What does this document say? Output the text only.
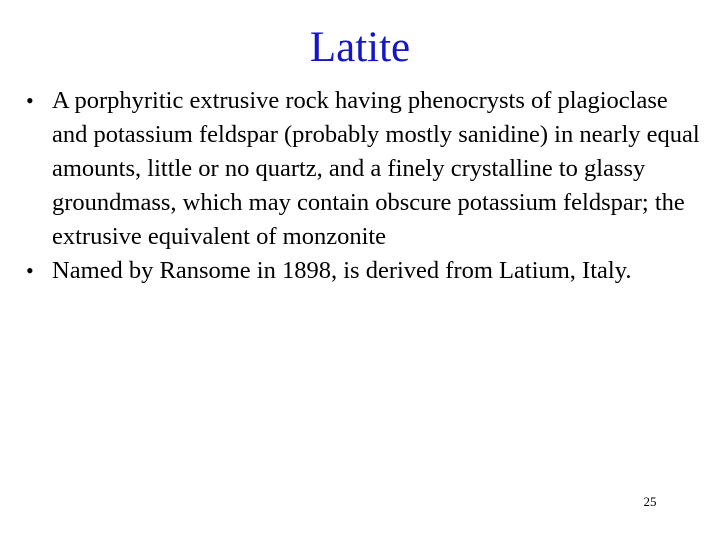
Latite
• A porphyritic extrusive rock having phenocrysts of plagioclase and potassium feldspar (probably mostly sanidine) in nearly equal amounts, little or no quartz, and a finely crystalline to glassy groundmass, which may contain obscure potassium feldspar; the extrusive equivalent of monzonite
• Named by Ransome in 1898, is derived from Latium, Italy.
25
